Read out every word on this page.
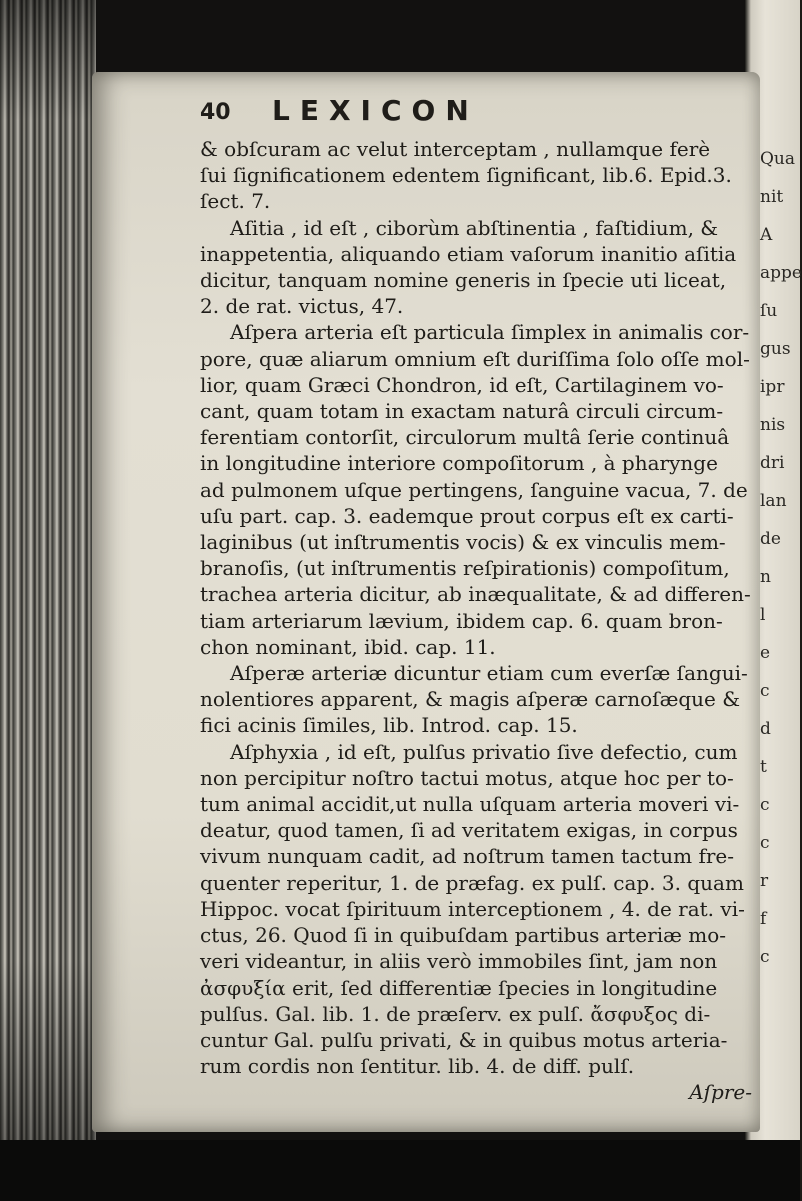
Qua
nit
A
appe
ſu
gus
ipr
nis
dri
lan
de
n
l
e
c
d
t
c
c
r
f
c
40 LEXICON
& obſcuram ac velut interceptam , nullamque ferè
ſui ſignificationem edentem ſignificant, lib.6. Epid.3.
ſect. 7.
Aſitia , id eſt , ciborùm abſtinentia , faſtidium, &
inappetentia, aliquando etiam vaſorum inanitio aſitia
dicitur, tanquam nomine generis in ſpecie uti liceat,
2. de rat. victus, 47.
Aſpera arteria eſt particula ſimplex in animalis cor-
pore, quæ aliarum omnium eſt duriſſima ſolo oſſe mol-
lior, quam Græci Chondron, id eſt, Cartilaginem vo-
cant, quam totam in exactam naturâ circuli circum-
ferentiam contorſit, circulorum multâ ſerie continuâ
in longitudine interiore compoſitorum , à pharynge
ad pulmonem uſque pertingens, ſanguine vacua, 7. de
uſu part. cap. 3. eademque prout corpus eſt ex carti-
laginibus (ut inſtrumentis vocis) & ex vinculis mem-
branoſis, (ut inſtrumentis reſpirationis) compoſitum,
trachea arteria dicitur, ab inæqualitate, & ad differen-
tiam arteriarum lævium, ibidem cap. 6. quam bron-
chon nominant, ibid. cap. 11.
Aſperæ arteriæ dicuntur etiam cum everſæ ſangui-
nolentiores apparent, & magis aſperæ carnoſæque &
fici acinis ſimiles, lib. Introd. cap. 15.
Aſphyxia , id eſt, pulſus privatio ſive defectio, cum
non percipitur noſtro tactui motus, atque hoc per to-
tum animal accidit,ut nulla uſquam arteria moveri vi-
deatur, quod tamen, ſi ad veritatem exigas, in corpus
vivum nunquam cadit, ad noſtrum tamen tactum fre-
quenter reperitur, 1. de præfag. ex pulſ. cap. 3. quam
Hippoc. vocat ſpirituum interceptionem , 4. de rat. vi-
ctus, 26. Quod ſi in quibuſdam partibus arteriæ mo-
veri videantur, in aliis verò immobiles ſint, jam non
ἀσφυξία erit, ſed differentiæ ſpecies in longitudine
pulſus. Gal. lib. 1. de præſerv. ex pulſ. ἄσφυξος di-
cuntur Gal. pulſu privati, & in quibus motus arteria-
rum cordis non ſentitur. lib. 4. de diff. pulſ.
Aſpre-
